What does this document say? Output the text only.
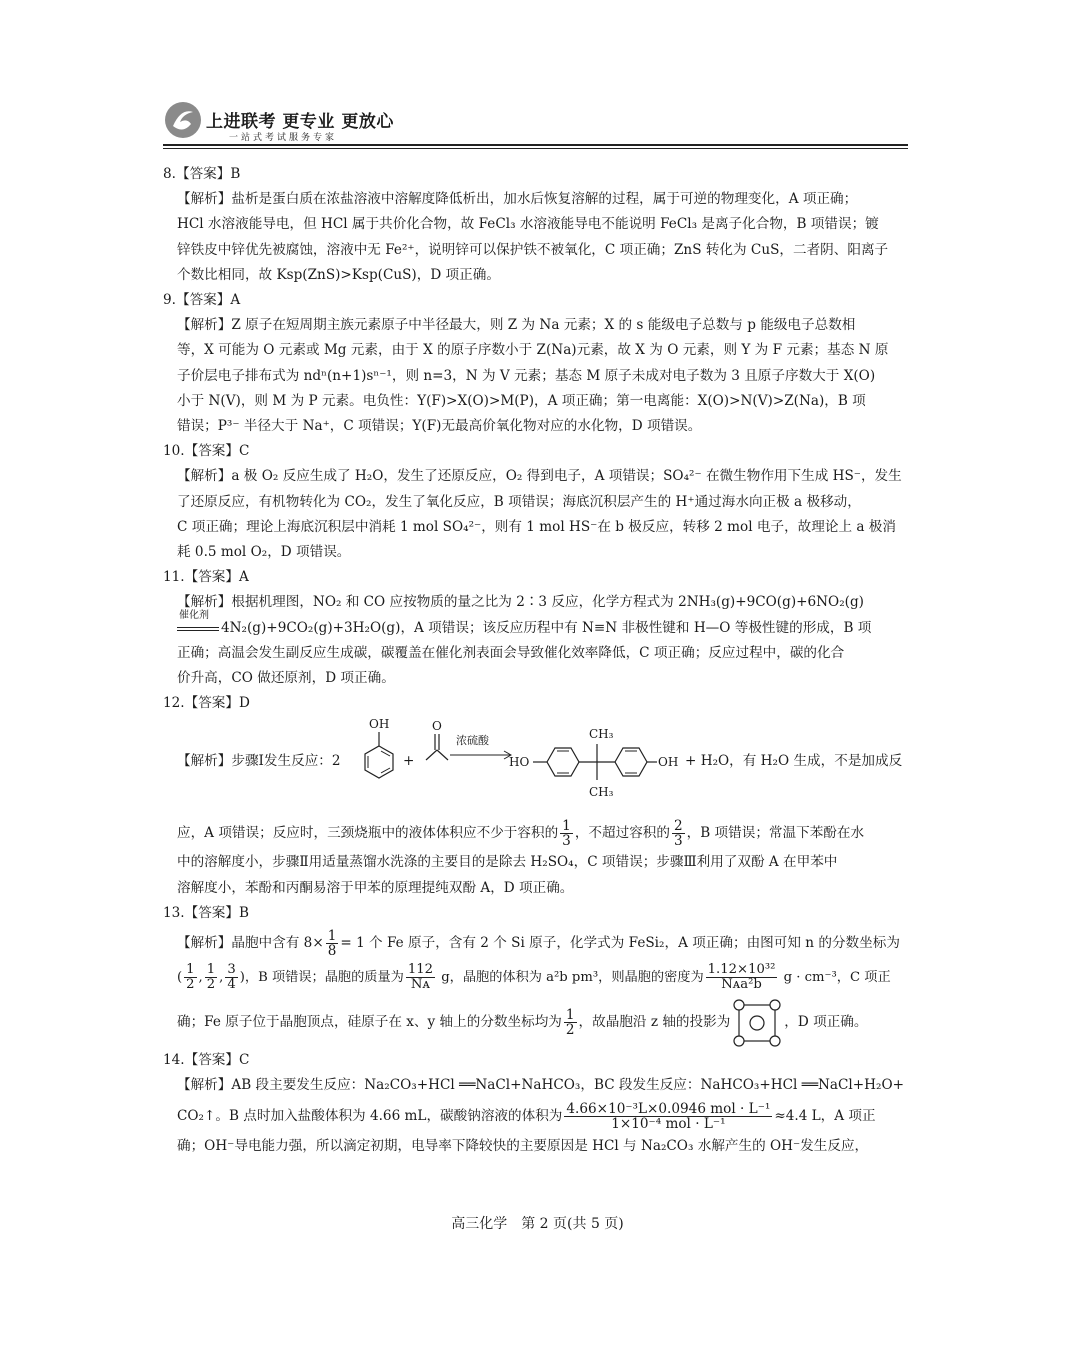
上进联考 更专业 更放心
一站式考试服务专家
8.【答案】B
【解析】盐析是蛋白质在浓盐溶液中溶解度降低析出，加水后恢复溶解的过程，属于可逆的物理变化，A 项正确；
HCl 水溶液能导电，但 HCl 属于共价化合物，故 FeCl₃ 水溶液能导电不能说明 FeCl₃ 是离子化合物，B 项错误；镀
锌铁皮中锌优先被腐蚀，溶液中无 Fe²⁺，说明锌可以保护铁不被氧化，C 项正确；ZnS 转化为 CuS，二者阴、阳离子
个数比相同，故 Ksp(ZnS)>Ksp(CuS)，D 项正确。
9.【答案】A
【解析】Z 原子在短周期主族元素原子中半径最大，则 Z 为 Na 元素；X 的 s 能级电子总数与 p 能级电子总数相
等，X 可能为 O 元素或 Mg 元素，由于 X 的原子序数小于 Z(Na)元素，故 X 为 O 元素，则 Y 为 F 元素；基态 N 原
子价层电子排布式为 ndⁿ(n+1)sⁿ⁻¹，则 n=3，N 为 V 元素；基态 M 原子未成对电子数为 3 且原子序数大于 X(O)
小于 N(V)，则 M 为 P 元素。电负性：Y(F)>X(O)>M(P)，A 项正确；第一电离能：X(O)>N(V)>Z(Na)，B 项
错误；P³⁻ 半径大于 Na⁺，C 项错误；Y(F)无最高价氧化物对应的水化物，D 项错误。
10.【答案】C
【解析】a 极 O₂ 反应生成了 H₂O，发生了还原反应，O₂ 得到电子，A 项错误；SO₄²⁻ 在微生物作用下生成 HS⁻，发生
了还原反应，有机物转化为 CO₂，发生了氧化反应，B 项错误；海底沉积层产生的 H⁺通过海水向正极 a 极移动，
C 项正确；理论上海底沉积层中消耗 1 mol SO₄²⁻，则有 1 mol HS⁻在 b 极反应，转移 2 mol 电子，故理论上 a 极消
耗 0.5 mol O₂，D 项错误。
11.【答案】A
【解析】根据机理图，NO₂ 和 CO 应按物质的量之比为 2∶3 反应，化学方程式为 2NH₃(g)+9CO(g)+6NO₂(g)
催化剂
4N₂(g)+9CO₂(g)+3H₂O(g)，A 项错误；该反应历程中有 N≡N 非极性键和 H—O 等极性键的形成，B 项
正确；高温会发生副反应生成碳，碳覆盖在催化剂表面会导致催化效率降低，C 项正确；反应过程中，碳的化合
价升高，CO 做还原剂，D 项正确。
12.【答案】D
【解析】步骤Ⅰ发生反应：2
OH
+
O
浓硫酸
HO
CH₃
CH₃
OH + H₂O，有 H₂O 生成，不是加成反
应，A 项错误；反应时，三颈烧瓶中的液体体积应不少于容积的 $\frac{1}{3}$ ，不超过容积的 $\frac{2}{3}$ ，B 项错误；常温下苯酚在水
中的溶解度小，步骤Ⅱ用适量蒸馏水洗涤的主要目的是除去 H₂SO₄，C 项错误；步骤Ⅲ利用了双酚 A 在甲苯中
溶解度小，苯酚和丙酮易溶于甲苯的原理提纯双酚 A，D 项正确。
13.【答案】B
【解析】晶胞中含有 $8\times \frac{1}{8} = 1$ 个 Fe 原子，含有 2 个 Si 原子，化学式为 FeSi₂，A 项正确；由图可知 n 的分数坐标为
( $\frac{1}{2}$ , $\frac{1}{2}$ , $\frac{3}{4}$ )，B 项错误；晶胞的质量为 $\frac{112}{\text{Nᴀ}}$ g，晶胞的体积为 a²b pm³，则晶胞的密度为 $\frac{\text{1.12×10³²}}{\text{Nᴀa²b}}$ g · cm⁻³，C 项正
确；Fe 原子位于晶胞顶点，硅原子在 x、y 轴上的分数坐标均为 $\frac{1}{2}$ ，故晶胞沿 z 轴的投影为	，D 项正确。
14.【答案】C
【解析】AB 段主要发生反应：Na₂CO₃+HCl ══NaCl+NaHCO₃，BC 段发生反应：NaHCO₃+HCl ══NaCl+H₂O+
CO₂↑。B 点时加入盐酸体积为 4.66 mL，碳酸钠溶液的体积为 $\frac{\text{4.66×10⁻³L×0.0946 mol · L⁻¹}}{\text{1×10⁻⁴ mol · L⁻¹}} \approx 4.4$ L，A 项正
确；OH⁻导电能力强，所以滴定初期，电导率下降较快的主要原因是 HCl 与 Na₂CO₃ 水解产生的 OH⁻发生反应，
高三化学　第 2 页(共 5 页)
